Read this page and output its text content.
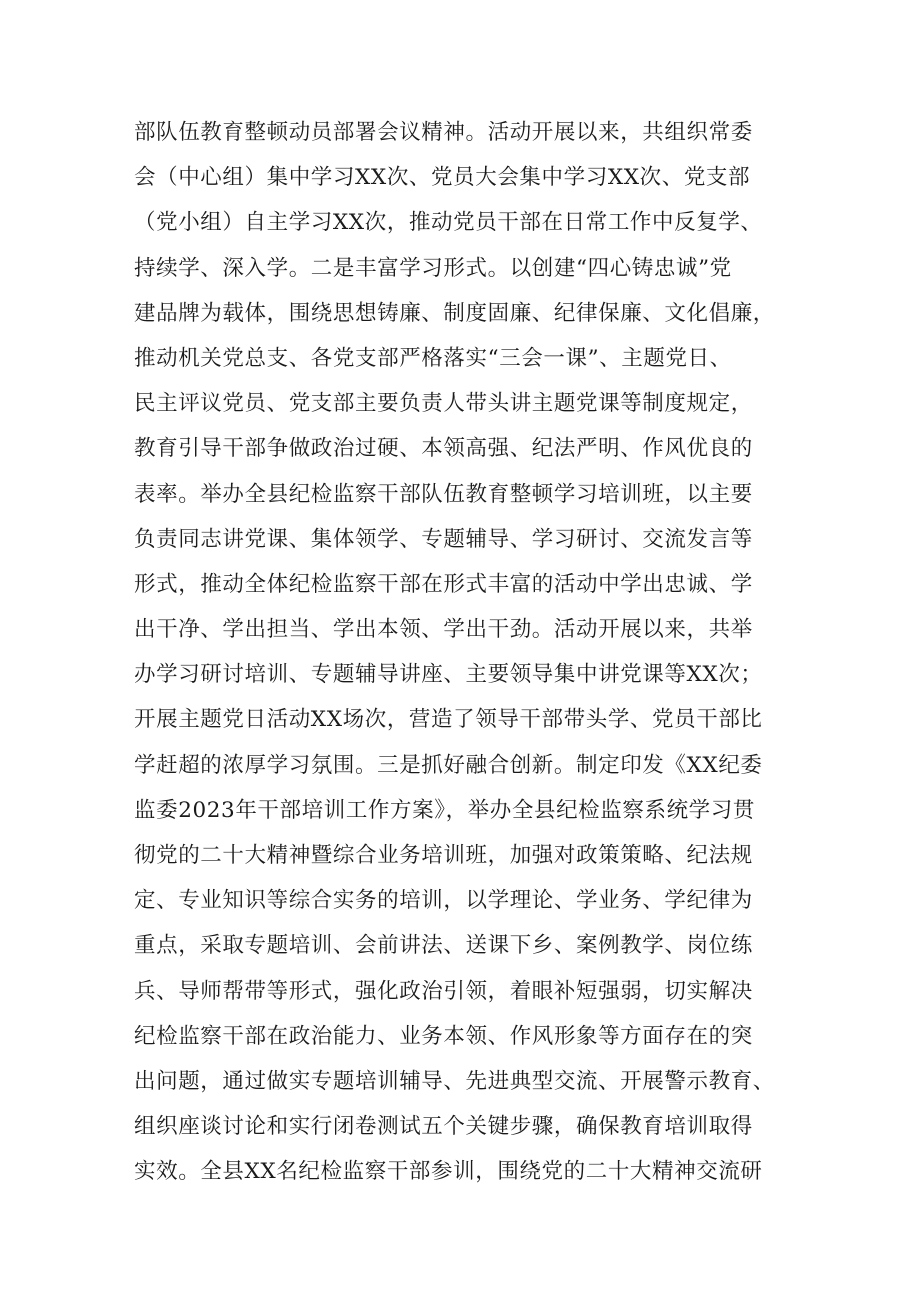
部队伍教育整顿动员部署会议精神。活动开展以来，共组织常委
会（中心组）集中学习XX次、党员大会集中学习XX次、党支部
（党小组）自主学习XX次，推动党员干部在日常工作中反复学、
持续学、深入学。二是丰富学习形式。以创建“四心铸忠诚”党
建品牌为载体，围绕思想铸廉、制度固廉、纪律保廉、文化倡廉，
推动机关党总支、各党支部严格落实“三会一课”、主题党日、
民主评议党员、党支部主要负责人带头讲主题党课等制度规定，
教育引导干部争做政治过硬、本领高强、纪法严明、作风优良的
表率。举办全县纪检监察干部队伍教育整顿学习培训班，以主要
负责同志讲党课、集体领学、专题辅导、学习研讨、交流发言等
形式，推动全体纪检监察干部在形式丰富的活动中学出忠诚、学
出干净、学出担当、学出本领、学出干劲。活动开展以来，共举
办学习研讨培训、专题辅导讲座、主要领导集中讲党课等XX次；
开展主题党日活动XX场次，营造了领导干部带头学、党员干部比
学赶超的浓厚学习氛围。三是抓好融合创新。制定印发《XX纪委
监委2023年干部培训工作方案》，举办全县纪检监察系统学习贯
彻党的二十大精神暨综合业务培训班，加强对政策策略、纪法规
定、专业知识等综合实务的培训，以学理论、学业务、学纪律为
重点，采取专题培训、会前讲法、送课下乡、案例教学、岗位练
兵、导师帮带等形式，强化政治引领，着眼补短强弱，切实解决
纪检监察干部在政治能力、业务本领、作风形象等方面存在的突
出问题，通过做实专题培训辅导、先进典型交流、开展警示教育、
组织座谈讨论和实行闭卷测试五个关键步骤，确保教育培训取得
实效。全县XX名纪检监察干部参训，围绕党的二十大精神交流研
